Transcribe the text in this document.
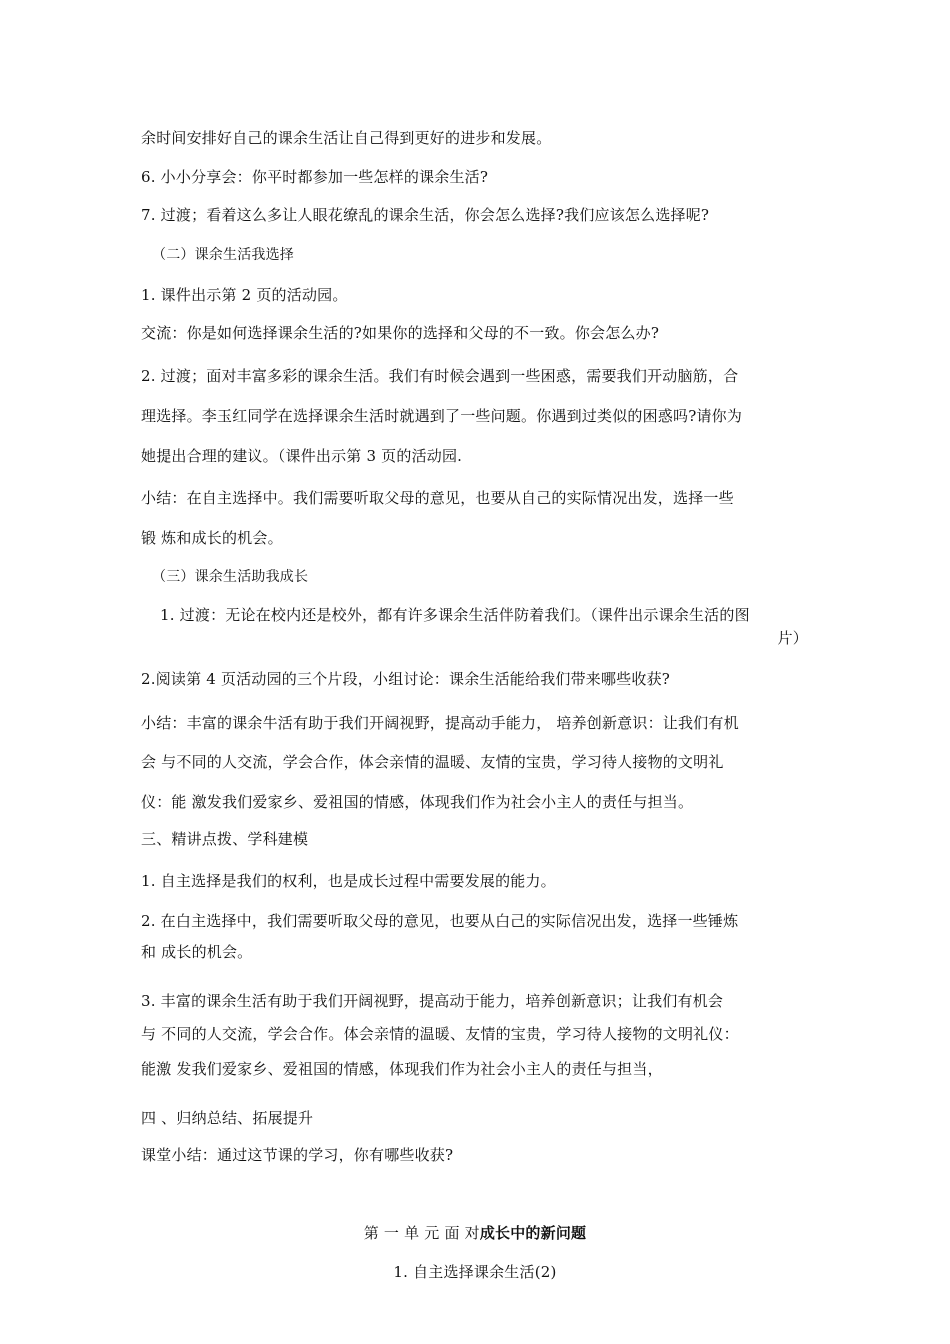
余时间安排好自己的课余生活让自己得到更好的进步和发展。
6. 小小分享会：你平时都参加一些怎样的课余生活?
7. 过渡；看着这么多让人眼花缭乱的课余生活，你会怎么选择?我们应该怎么选择呢?
（二）课余生活我选择
1. 课件出示第 2 页的活动园。
交流：你是如何选择课余生活的?如果你的选择和父母的不一致。你会怎么办?
2. 过渡；面对丰富多彩的课余生活。我们有时候会遇到一些困惑，需要我们开动脑筋，合
理选择。李玉红同学在选择课余生活时就遇到了一些问题。你遇到过类似的困惑吗?请你为
她提出合理的建议。（课件出示第 3 页的活动园.
小结：在自主选择中。我们需要听取父母的意见，也要从自己的实际情况出发，选择一些
锻 炼和成长的机会。
（三）课余生活助我成长
1. 过渡：无论在校内还是校外，都有许多课余生活伴防着我们。（课件出示课余生活的图
片）
2.阅读第 4 页活动园的三个片段，小组讨论：课余生活能给我们带来哪些收获?
小结：丰富的课余牛活有助于我们开阔视野，提高动手能力， 培养创新意识：让我们有机
会 与不同的人交流，学会合作，体会亲情的温暖、友情的宝贵，学习待人接物的文明礼
仪：能 激发我们爱家乡、爱祖国的情感，体现我们作为社会小主人的责任与担当。
三、精讲点拨、学科建模
1. 自主选择是我们的权利，也是成长过程中需要发展的能力。
2. 在白主选择中，我们需要听取父母的意见，也要从白己的实际信况出发，选择一些锤炼
和 成长的机会。
3. 丰富的课余生活有助于我们开阔视野，提高动于能力，培养创新意识；让我们有机会
与 不同的人交流，学会合作。体会亲情的温暖、友情的宝贵，学习待人接物的文明礼仪：
能激 发我们爱家乡、爱祖国的情感，体现我们作为社会小主人的责任与担当，
四 、归纳总结、拓展提升
课堂小结：通过这节课的学习，你有哪些收获?
第 一 单 元 面 对成长中的新问题
1. 自主选择课余生活(2)
